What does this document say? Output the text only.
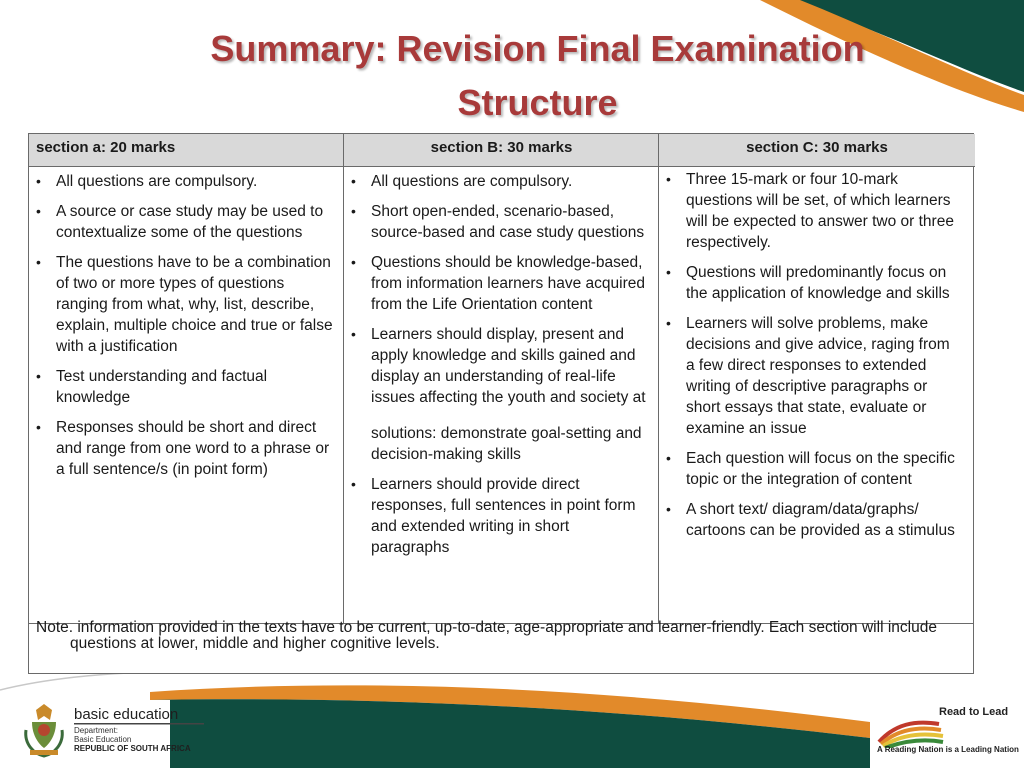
Summary: Revision Final Examination
Structure
section a: 20 marks	section B: 30 marks	section C: 30 marks
• All questions are compulsory.
• A source or case study may be used to contextualize some of the questions
• The questions have to be a combination of two or more types of questions ranging from what, why, list, describe, explain, multiple choice and true or false with a justification
• Test understanding and factual knowledge
• Responses should be short and direct and range from one word to a phrase or a full sentence/s (in point form)
• All questions are compulsory.
• Short open-ended, scenario-based, source-based and case study questions
• Questions should be knowledge-based, from information learners have acquired from the Life Orientation content
• Learners should display, present and apply knowledge and skills gained and display an understanding of real-life issues affecting the youth and society at
solutions: demonstrate goal-setting and decision-making skills
• Learners should provide direct responses, full sentences in point form and extended writing in short paragraphs
• Three 15-mark or four 10-mark questions will be set, of which learners will be expected to answer two or three respectively.
• Questions will predominantly focus on the application of knowledge and skills
• Learners will solve problems, make decisions and give advice, raging from a few direct responses to extended writing of descriptive paragraphs or short essays that state, evaluate or examine an issue
• Each question will focus on the specific topic or the integration of content
• A short text/ diagram/data/graphs/ cartoons can be provided as a stimulus
Note. information provided in the texts have to be current, up-to-date, age-appropriate and learner-friendly. Each section will include questions at lower, middle and higher cognitive levels.
basic education
Department:
Basic Education
REPUBLIC OF SOUTH AFRICA
Read to Lead
A Reading Nation is a Leading Nation
